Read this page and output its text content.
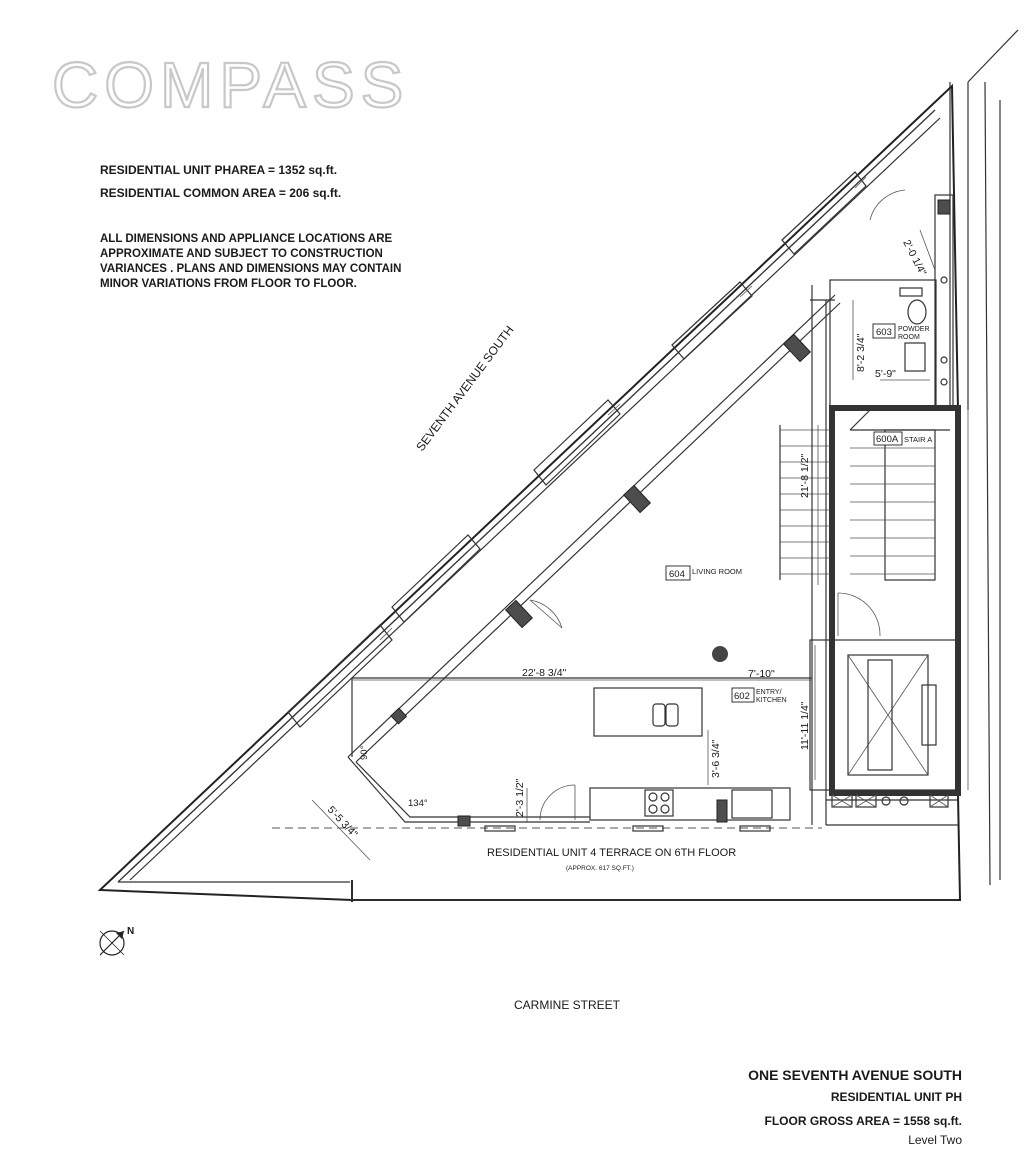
COMPASS
RESIDENTIAL UNIT PHAREA = 1352 sq.ft.
RESIDENTIAL COMMON AREA = 206 sq.ft.
ALL DIMENSIONS AND APPLIANCE LOCATIONS ARE
APPROXIMATE AND SUBJECT TO CONSTRUCTION
VARIANCES . PLANS AND DIMENSIONS MAY CONTAIN
MINOR VARIATIONS FROM FLOOR TO FLOOR.
SEVENTH AVENUE SOUTH
CARMINE STREET
2'-0 1/4"
8'-2 3/4"
5'-9"
21'-8 1/2"
22'-8 3/4"	7'-10"
11'-11 1/4"
3'-6 3/4"
2'-3 1/2"
5'-5 3/4"
90°
134°
603 POWDER
ROOM
600A STAIR A
604 LIVING ROOM
602 ENTRY/
KITCHEN
RESIDENTIAL UNIT 4 TERRACE ON 6TH FLOOR
(APPROX. 617 SQ.FT.)
N
ONE SEVENTH AVENUE SOUTH
RESIDENTIAL UNIT PH
FLOOR GROSS AREA = 1558 sq.ft.
Level Two
